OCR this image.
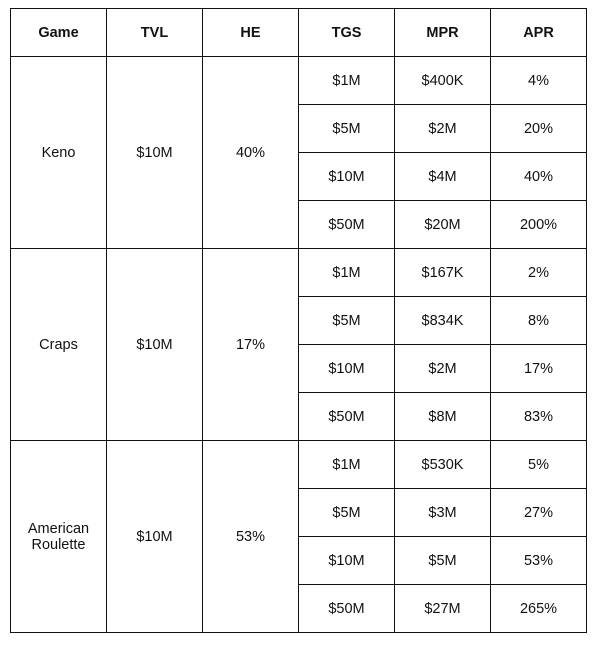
Game	TVL	HE	TGS	MPR	APR
Keno	$10M	40%	$1M	$400K	4%
			$5M	$2M	20%
			$10M	$4M	40%
			$50M	$20M	200%
Craps	$10M	17%	$1M	$167K	2%
			$5M	$834K	8%
			$10M	$2M	17%
			$50M	$8M	83%
American Roulette	$10M	53%	$1M	$530K	5%
			$5M	$3M	27%
			$10M	$5M	53%
			$50M	$27M	265%
